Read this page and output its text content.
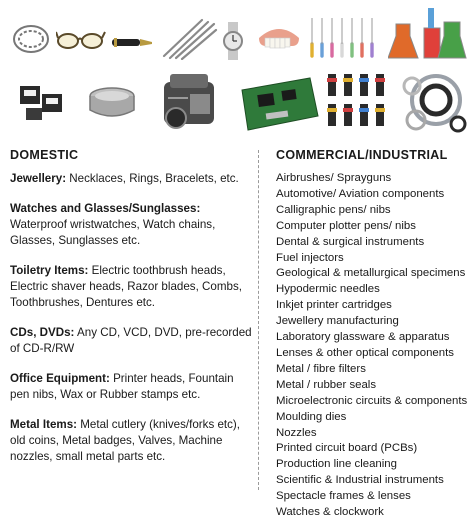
DOMESTIC
Jewellery: Necklaces, Rings, Bracelets, etc.
Watches and Glasses/Sunglasses: Waterproof wristwatches, Watch chains, Glasses, Sunglasses etc.
Toiletry Items: Electric toothbrush heads, Electric shaver heads, Razor blades, Combs, Toothbrushes, Dentures etc.
CDs, DVDs: Any CD, VCD, DVD, pre-recorded of CD-R/RW
Office Equipment: Printer heads, Fountain pen nibs, Wax or Rubber stamps etc.
Metal Items: Metal cutlery (knives/forks etc), old coins, Metal badges, Valves, Machine nozzles, small metal parts etc.
COMMERCIAL/INDUSTRIAL
Airbrushes/ Sprayguns
Automotive/ Aviation components
Calligraphic pens/ nibs
Computer plotter pens/ nibs
Dental & surgical instruments
Fuel injectors
Geological & metallurgical specimens
Hypodermic needles
Inkjet printer cartridges
Jewellery manufacturing
Laboratory glassware & apparatus
Lenses & other optical components
Metal / fibre filters
Metal / rubber seals
Microelectronic circuits & components
Moulding dies
Nozzles
Printed circuit board (PCBs)
Production line cleaning
Scientific & Industrial instruments
Spectacle frames & lenses
Watches & clockwork
